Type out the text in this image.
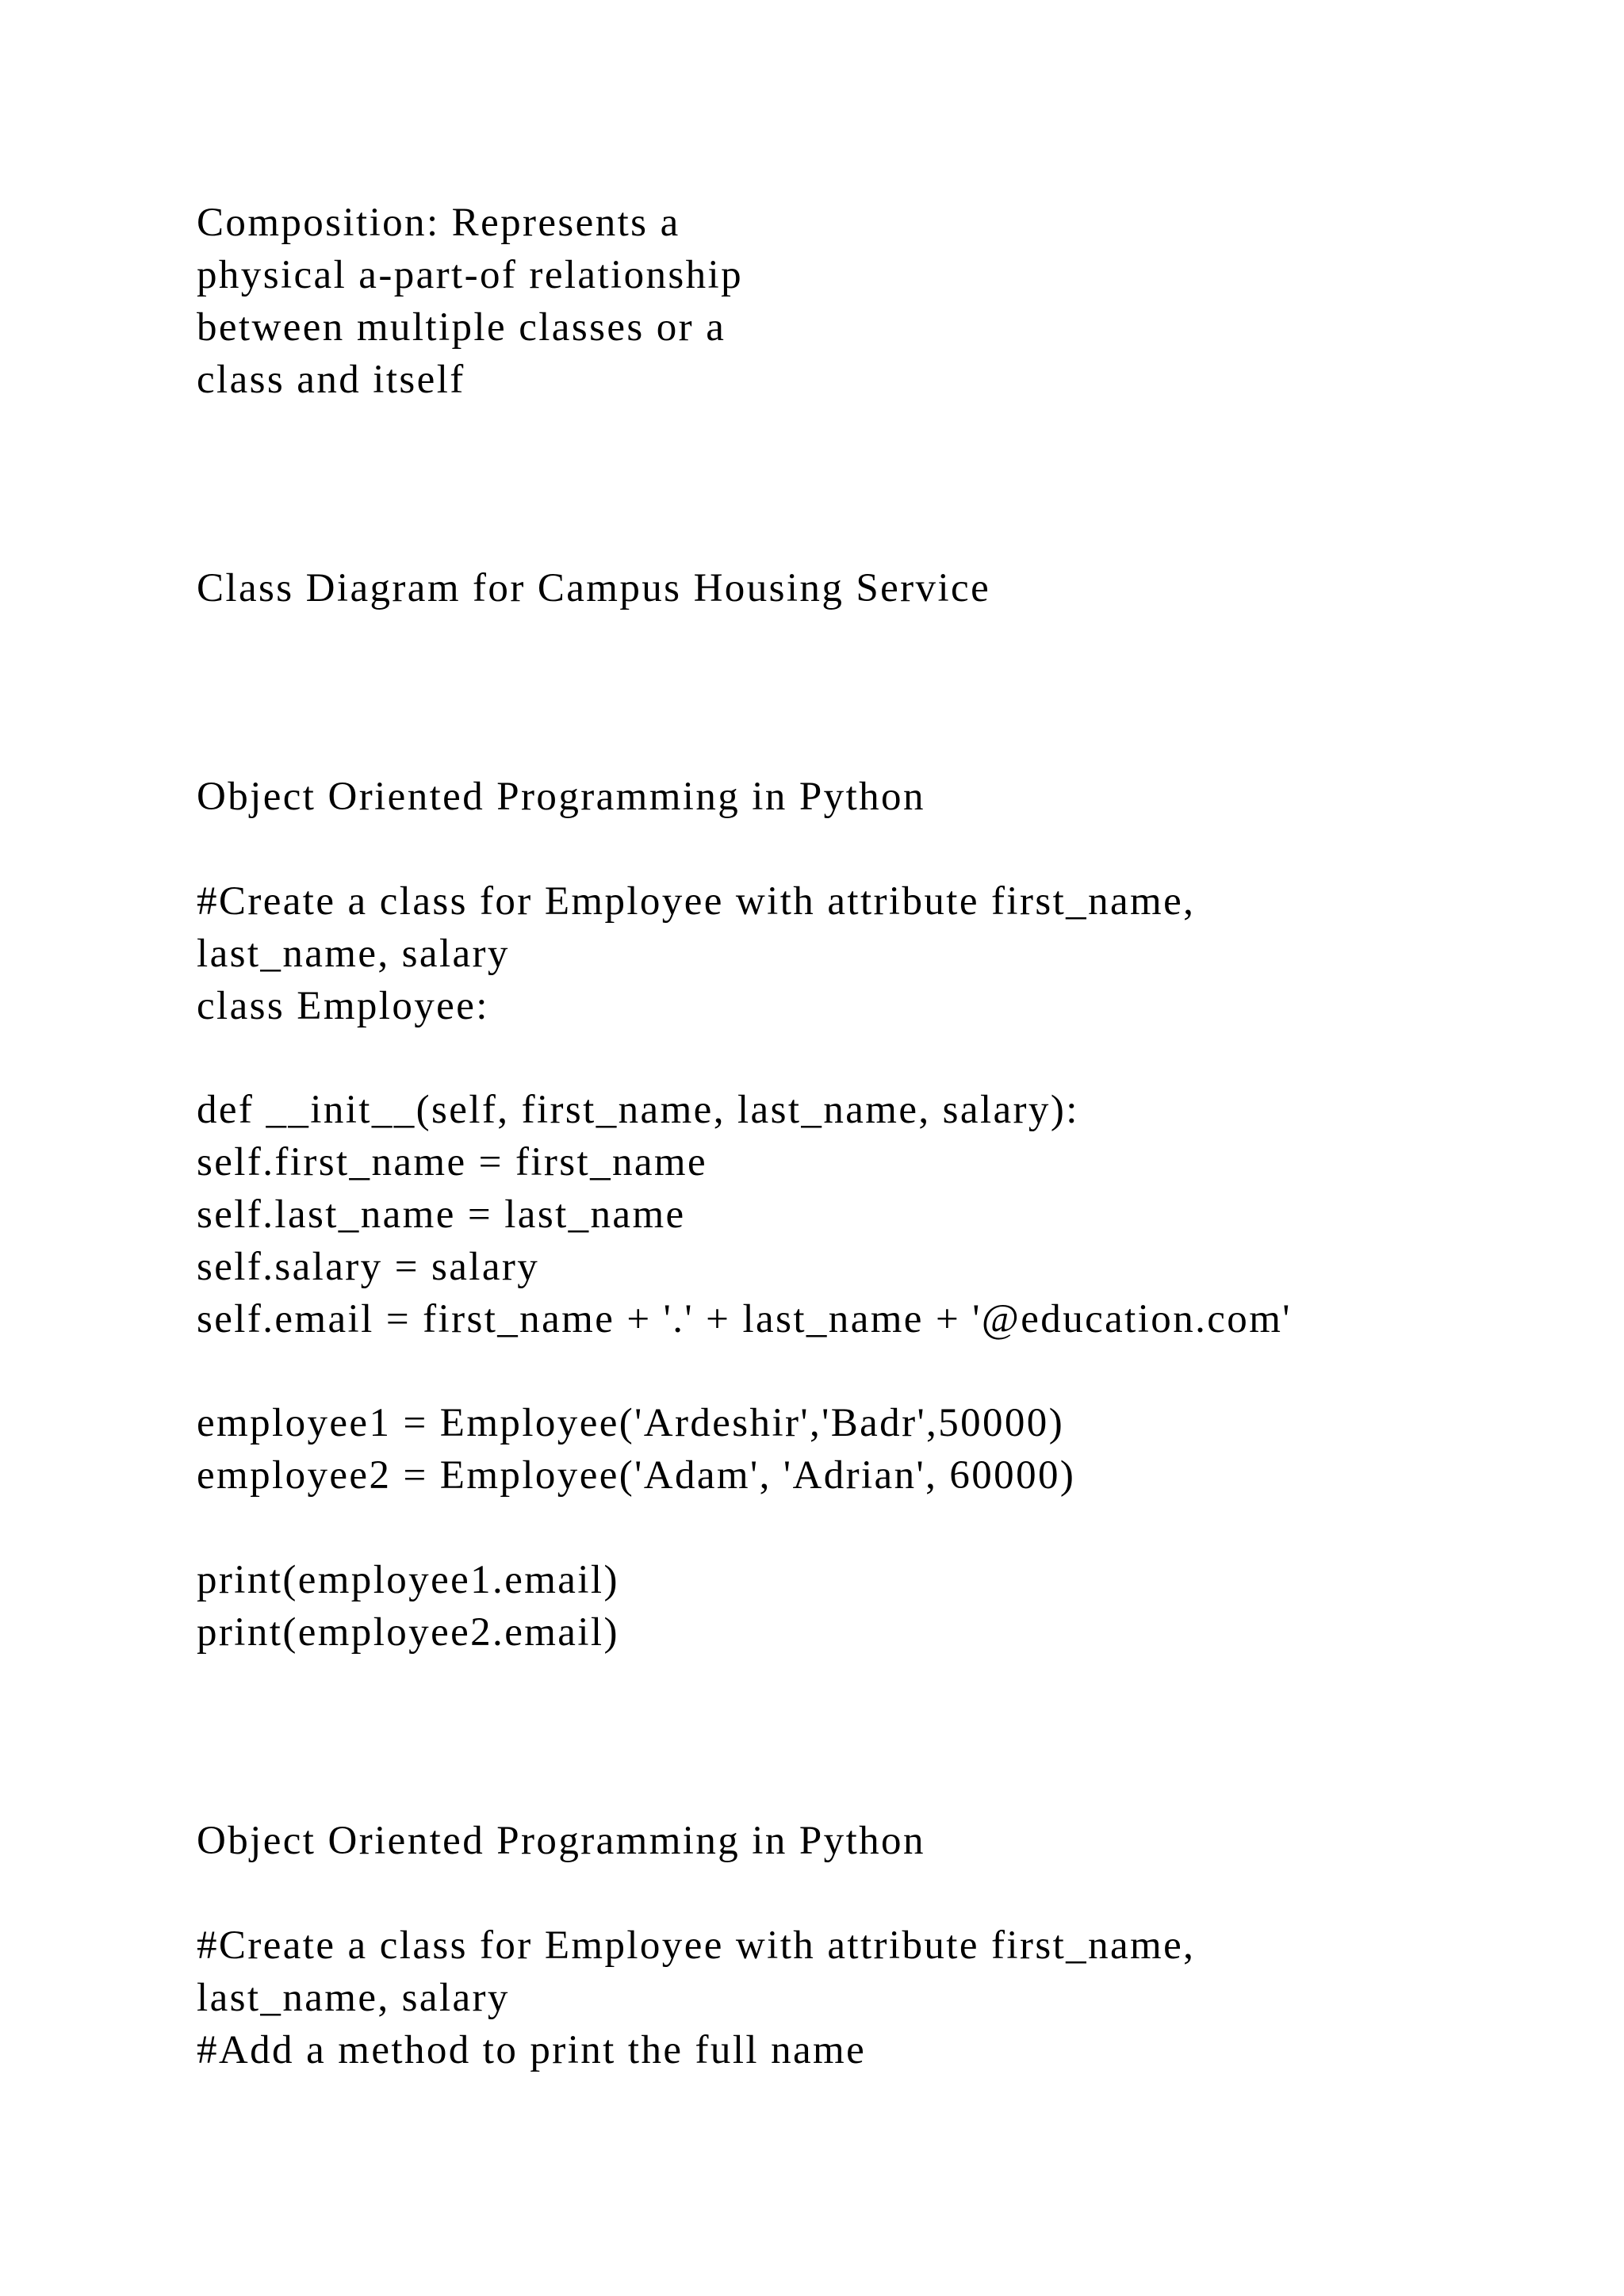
Composition: Represents a
physical a-part-of relationship
between multiple classes or a
class and itself
Class Diagram for Campus Housing Service
Object Oriented Programming in Python
#Create a class for Employee with attribute first_name,
last_name, salary
class Employee:
def __init__(self, first_name, last_name, salary):
self.first_name = first_name
self.last_name = last_name
self.salary = salary
self.email = first_name + '.' + last_name + '@education.com'
employee1 = Employee('Ardeshir','Badr',50000)
employee2 = Employee('Adam', 'Adrian', 60000)
print(employee1.email)
print(employee2.email)
Object Oriented Programming in Python
#Create a class for Employee with attribute first_name,
last_name, salary
#Add a method to print the full name
